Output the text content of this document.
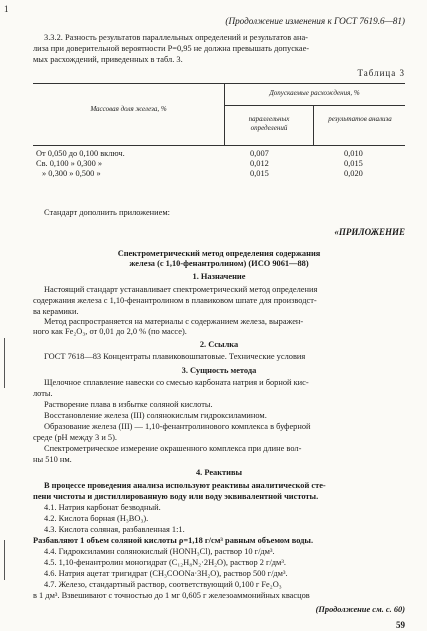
1
(Продолжение изменения к ГОСТ 7619.6—81)
3.3.2. Разность результатов параллельных определений и результатов ана-
лиза при доверительной вероятности Р=0,95 не должна превышать допускае-
мых расхождений, приведенных в табл. 3.
Таблица 3
Массовая доля железа, %
Допускаемые расхождения, %
параллельных определений
результатов анализа
От 0,050 до 0,100 включ.	0,007	0,010
Св. 0,100 » 0,300 »	0,012	0,015
» 0,300 » 0,500 »	0,015	0,020
Стандарт дополнить приложением:
«ПРИЛОЖЕНИЕ
Спектрометрический метод определения содержания
железа (с 1,10-фенантролином) (ИСО 9061—88)
1. Назначение
Настоящий стандарт устанавливает спектрометрический метод определения
содержания железа с 1,10-фенантролином в плавиковом шпате для производст-
ва керамики.
Метод распространяется на материалы с содержанием железа, выражен-
ного как Fe₂O₃, от 0,01 до 2,0 % (по массе).
2. Ссылка
ГОСТ 7618—83 Концентраты плавиковошпатовые. Технические условия
3. Сущность метода
Щелочное сплавление навески со смесью карбоната натрия и борной кис-
лоты.
Растворение плава в избытке соляной кислоты.
Восстановление железа (III) солянокислым гидроксиламином.
Образование железа (III) — 1,10-фенантролинового комплекса в буферной
среде (pH между 3 и 5).
Спектрометрическое измерение окрашенного комплекса при длине вол-
ны 510 нм.
4. Реактивы
В процессе проведения анализа используют реактивы аналитической сте-
пени чистоты и дистиллированную воду или воду эквивалентной чистоты.
4.1. Натрия карбонат безводный.
4.2. Кислота борная (H₃BO₃).
4.3. Кислота соляная, разбавленная 1:1.
Разбавляют 1 объем соляной кислоты ρ=1,18 г/см³ равным объемом воды.
4.4. Гидроксиламин солянокислый (HONH₃Cl), раствор 10 г/дм³.
4.5. 1,10-фенантролин моногидрат (C₁₂H₈N₂·2H₂O), раствор 2 г/дм³.
4.6. Натрия ацетат тригидрат (CH₃COONa·3H₂O), раствор 500 г/дм³.
4.7. Железо, стандартный раствор, соответствующий 0,100 г Fe₂O₃
в 1 дм³. Взвешивают с точностью до 1 мг 0,605 г железоаммонийных квасцов
(Продолжение см. с. 60)
59
